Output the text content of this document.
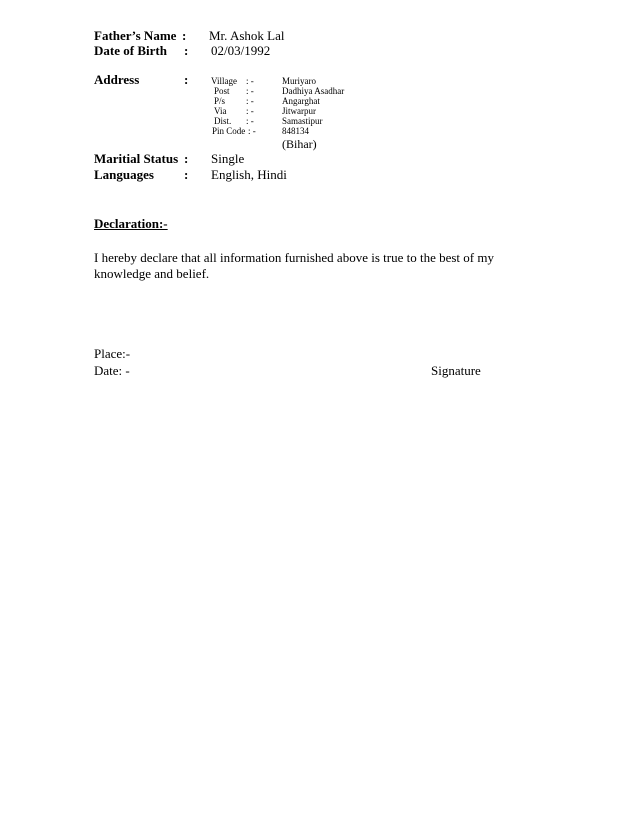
Father’s Name : Mr. Ashok Lal
Date of Birth : 02/03/1992
Address	:	Village : -	Muriyaro
Post : -	Dadhiya Asadhar
P/s : -	Angarghat
Via : -	Jitwarpur
Dist. : -	Samastipur
Pin Code : -	848134
(Bihar)
Maritial Status : Single
Languages : English, Hindi
Declaration:-
I hereby declare that all information furnished above is true to the best of my knowledge and belief.
Place:-
Date: -	Signature
